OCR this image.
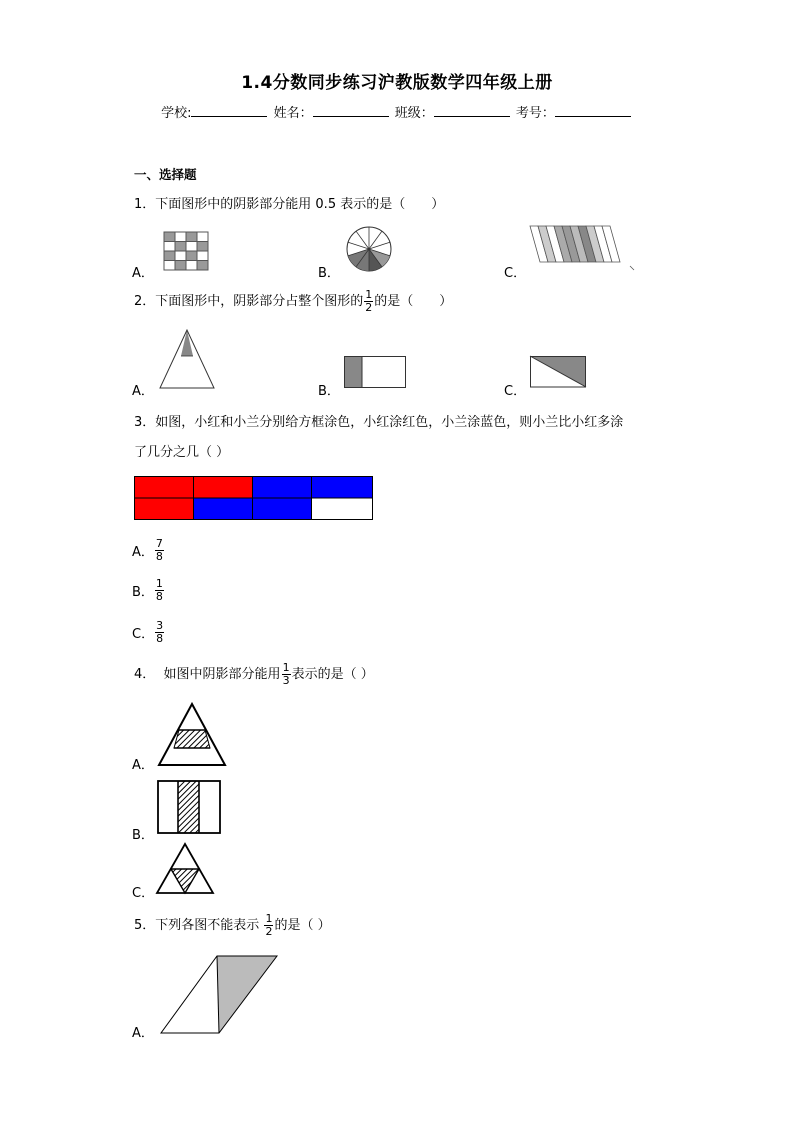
1.4分数同步练习沪教版数学四年级上册
学校:	姓名：	班级：	考号：
一、选择题
1．下面图形中的阴影部分能用 0.5 表示的是（　　）
A．	B．	C．
2．下面图形中，阴影部分占整个图形的 $\frac{1}{2}$ 的是（　　）
A．	B．	C．
3．如图，小红和小兰分别给方框涂色，小红涂红色，小兰涂蓝色，则小兰比小红多涂
了几分之几（ ）
A． $\frac{7}{8}$
B． $\frac{1}{8}$
C． $\frac{3}{8}$
4． 如图中阴影部分能用 $\frac{1}{3}$ 表示的是（ ）
A．
B．
C．
5．下列各图不能表示 $\frac{1}{2}$ 的是（ ）
A．
